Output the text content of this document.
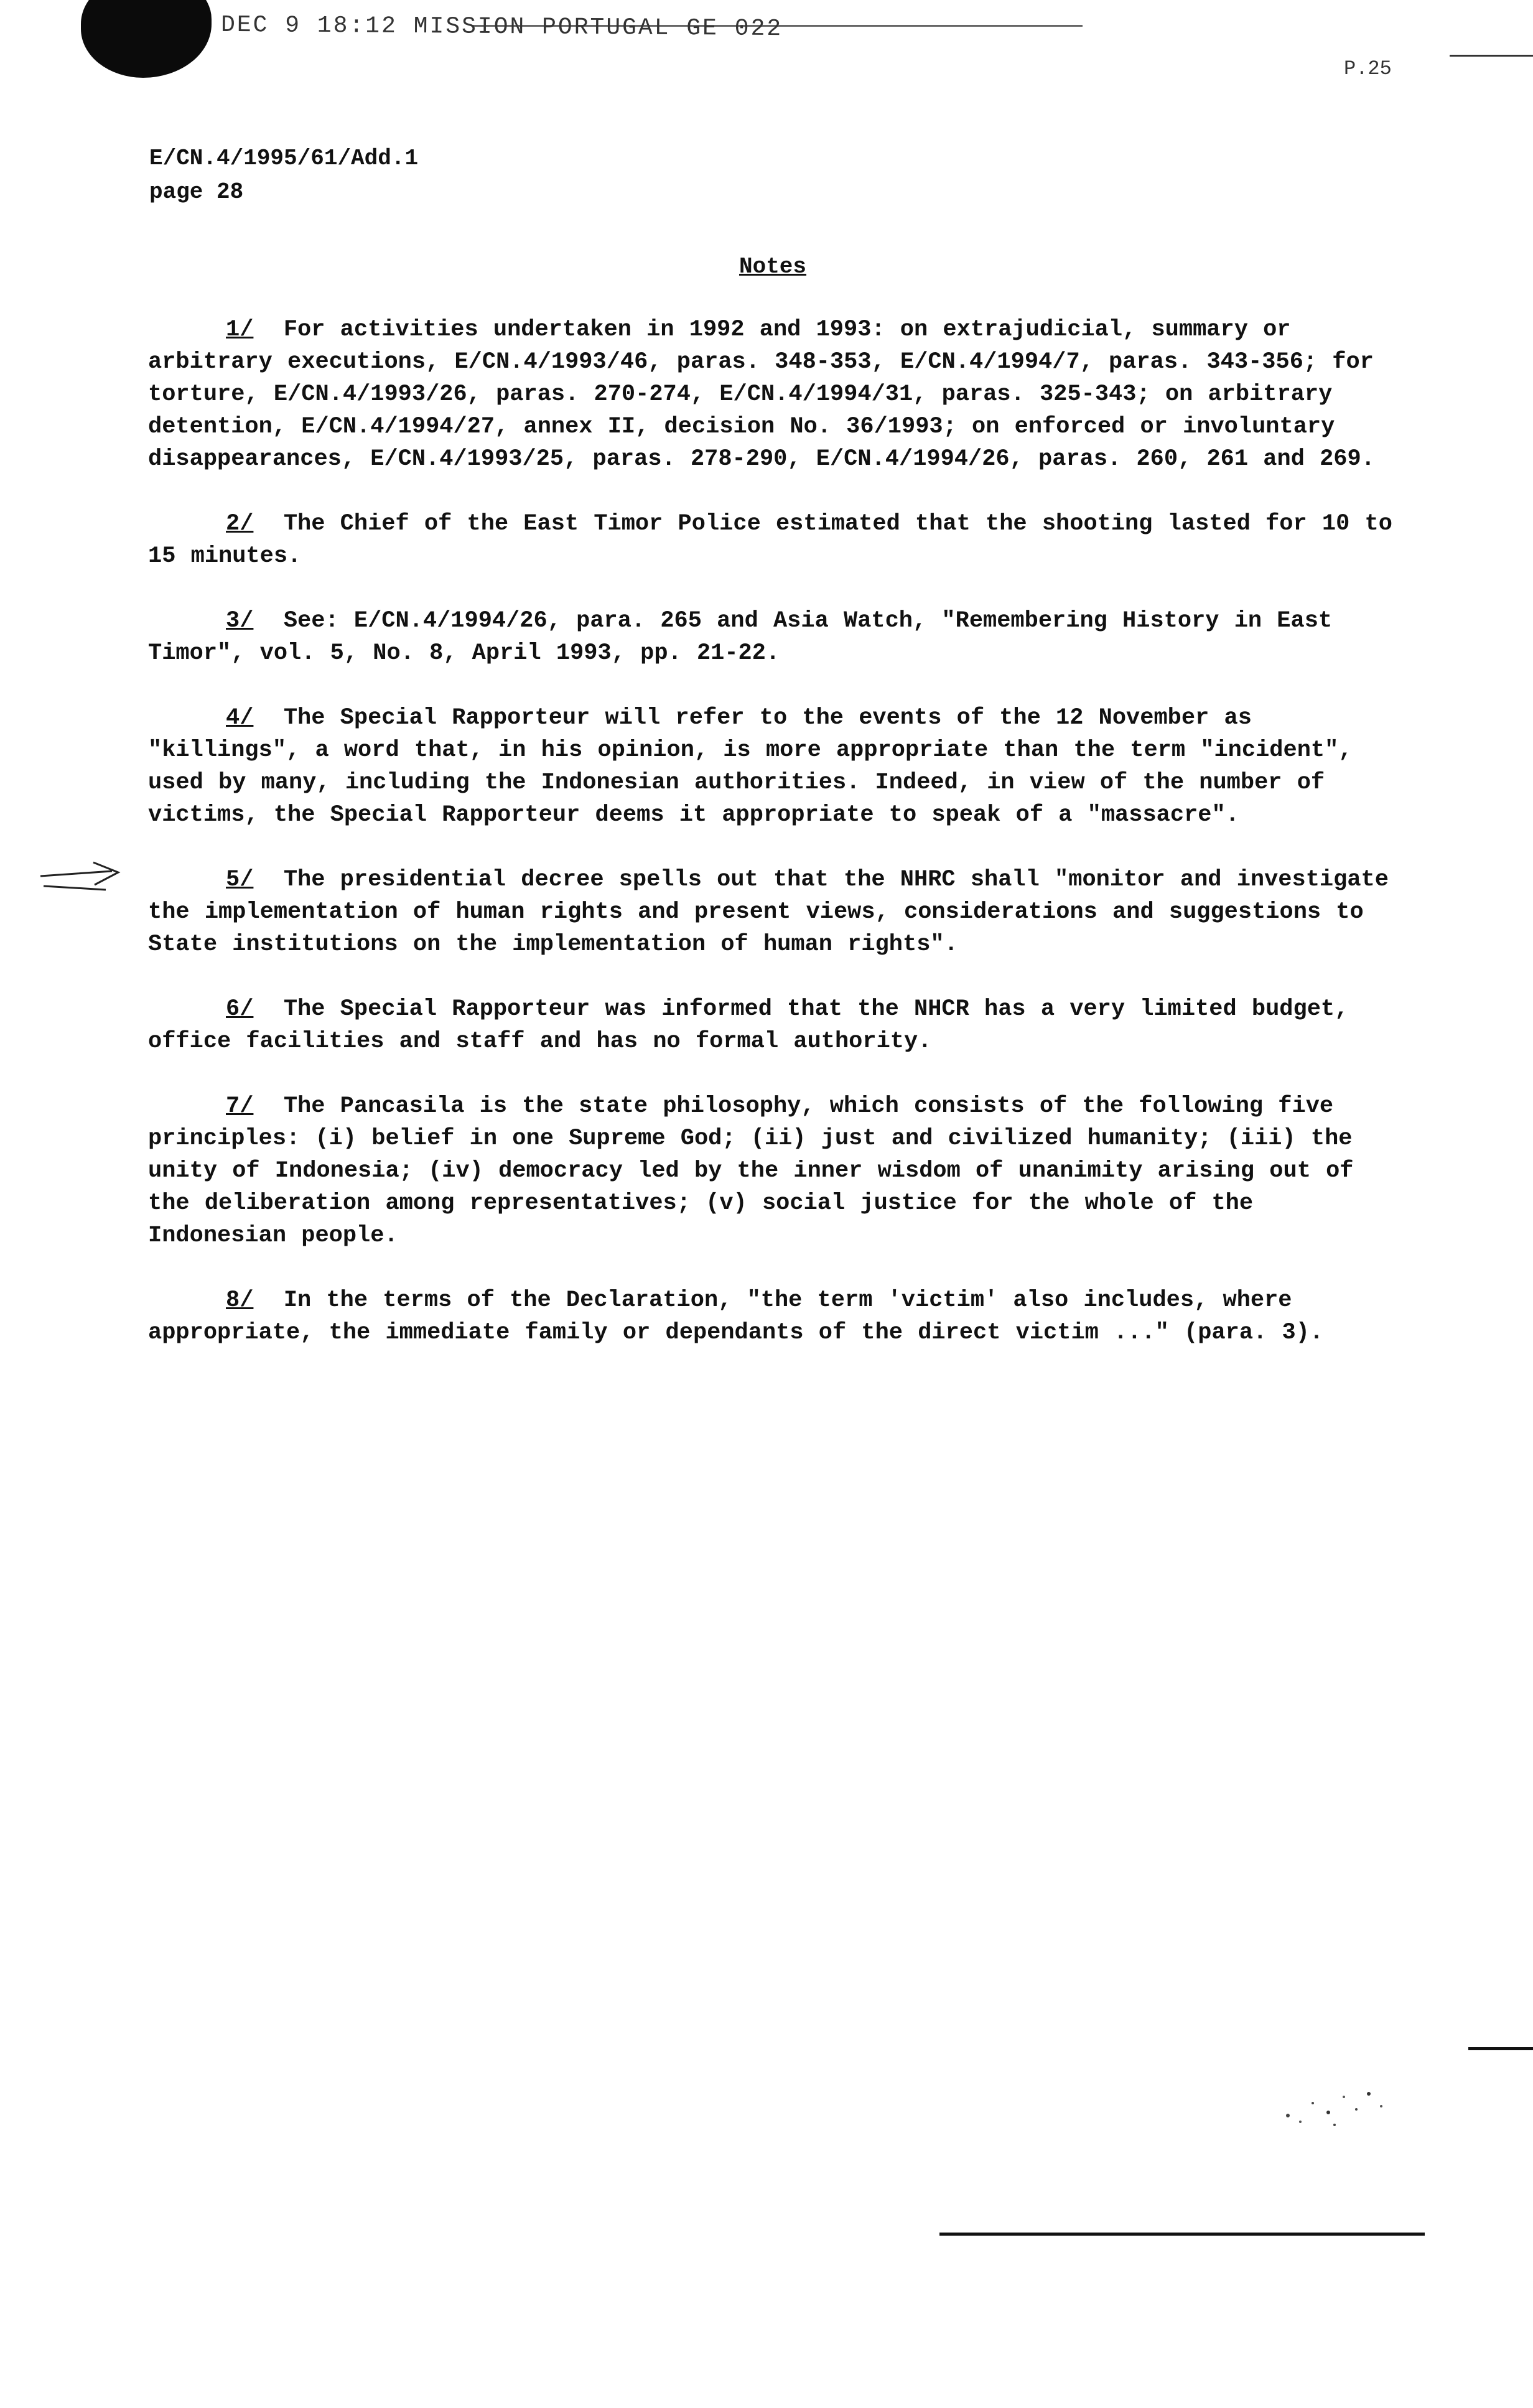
DEC 9 18:12 MISSION PORTUGAL GE 022
P.25
E/CN.4/1995/61/Add.1
page 28
Notes

1/ For activities undertaken in 1992 and 1993: on extrajudicial, summary or arbitrary executions, E/CN.4/1993/46, paras. 348-353, E/CN.4/1994/7, paras. 343-356; for torture, E/CN.4/1993/26, paras. 270-274, E/CN.4/1994/31, paras. 325-343; on arbitrary detention, E/CN.4/1994/27, annex II, decision No. 36/1993; on enforced or involuntary disappearances, E/CN.4/1993/25, paras. 278-290, E/CN.4/1994/26, paras. 260, 261 and 269.

2/ The Chief of the East Timor Police estimated that the shooting lasted for 10 to 15 minutes.

3/ See: E/CN.4/1994/26, para. 265 and Asia Watch, "Remembering History in East Timor", vol. 5, No. 8, April 1993, pp. 21-22.

4/ The Special Rapporteur will refer to the events of the 12 November as "killings", a word that, in his opinion, is more appropriate than the term "incident", used by many, including the Indonesian authorities. Indeed, in view of the number of victims, the Special Rapporteur deems it appropriate to speak of a "massacre".

5/ The presidential decree spells out that the NHRC shall "monitor and investigate the implementation of human rights and present views, considerations and suggestions to State institutions on the implementation of human rights".

6/ The Special Rapporteur was informed that the NHCR has a very limited budget, office facilities and staff and has no formal authority.

7/ The Pancasila is the state philosophy, which consists of the following five principles: (i) belief in one Supreme God; (ii) just and civilized humanity; (iii) the unity of Indonesia; (iv) democracy led by the inner wisdom of unanimity arising out of the deliberation among representatives; (v) social justice for the whole of the Indonesian people.

8/ In the terms of the Declaration, "the term 'victim' also includes, where appropriate, the immediate family or dependants of the direct victim ..." (para. 3).
